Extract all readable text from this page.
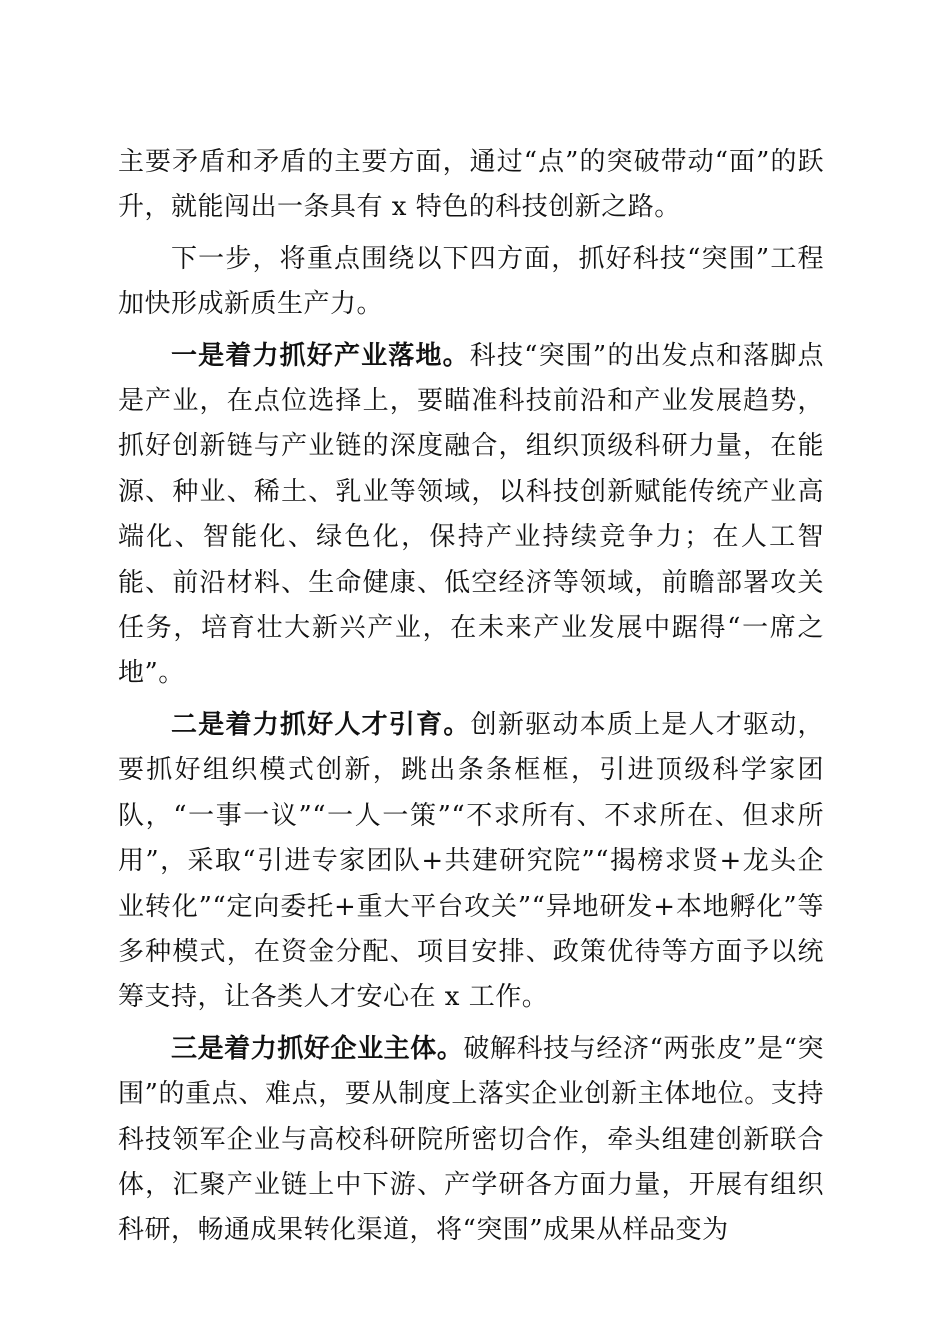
主要矛盾和矛盾的主要方面，通过“点”的突破带动“面”的跃升，就能闯出一条具有 x 特色的科技创新之路。

下一步，将重点围绕以下四方面，抓好科技“突围”工程加快形成新质生产力。

一是着力抓好产业落地。科技“突围”的出发点和落脚点是产业，在点位选择上，要瞄准科技前沿和产业发展趋势，抓好创新链与产业链的深度融合，组织顶级科研力量，在能源、种业、稀土、乳业等领域，以科技创新赋能传统产业高端化、智能化、绿色化，保持产业持续竞争力；在人工智能、前沿材料、生命健康、低空经济等领域，前瞻部署攻关任务，培育壮大新兴产业，在未来产业发展中踞得“一席之地”。

二是着力抓好人才引育。创新驱动本质上是人才驱动，要抓好组织模式创新，跳出条条框框，引进顶级科学家团队，“一事一议”“一人一策”“不求所有、不求所在、但求所用”，采取“引进专家团队+共建研究院”“揭榜求贤+龙头企业转化”“定向委托+重大平台攻关”“异地研发+本地孵化”等多种模式，在资金分配、项目安排、政策优待等方面予以统筹支持，让各类人才安心在 x 工作。

三是着力抓好企业主体。破解科技与经济“两张皮”是“突围”的重点、难点，要从制度上落实企业创新主体地位。支持科技领军企业与高校科研院所密切合作，牵头组建创新联合体，汇聚产业链上中下游、产学研各方面力量，开展有组织科研，畅通成果转化渠道，将“突围”成果从样品变为
